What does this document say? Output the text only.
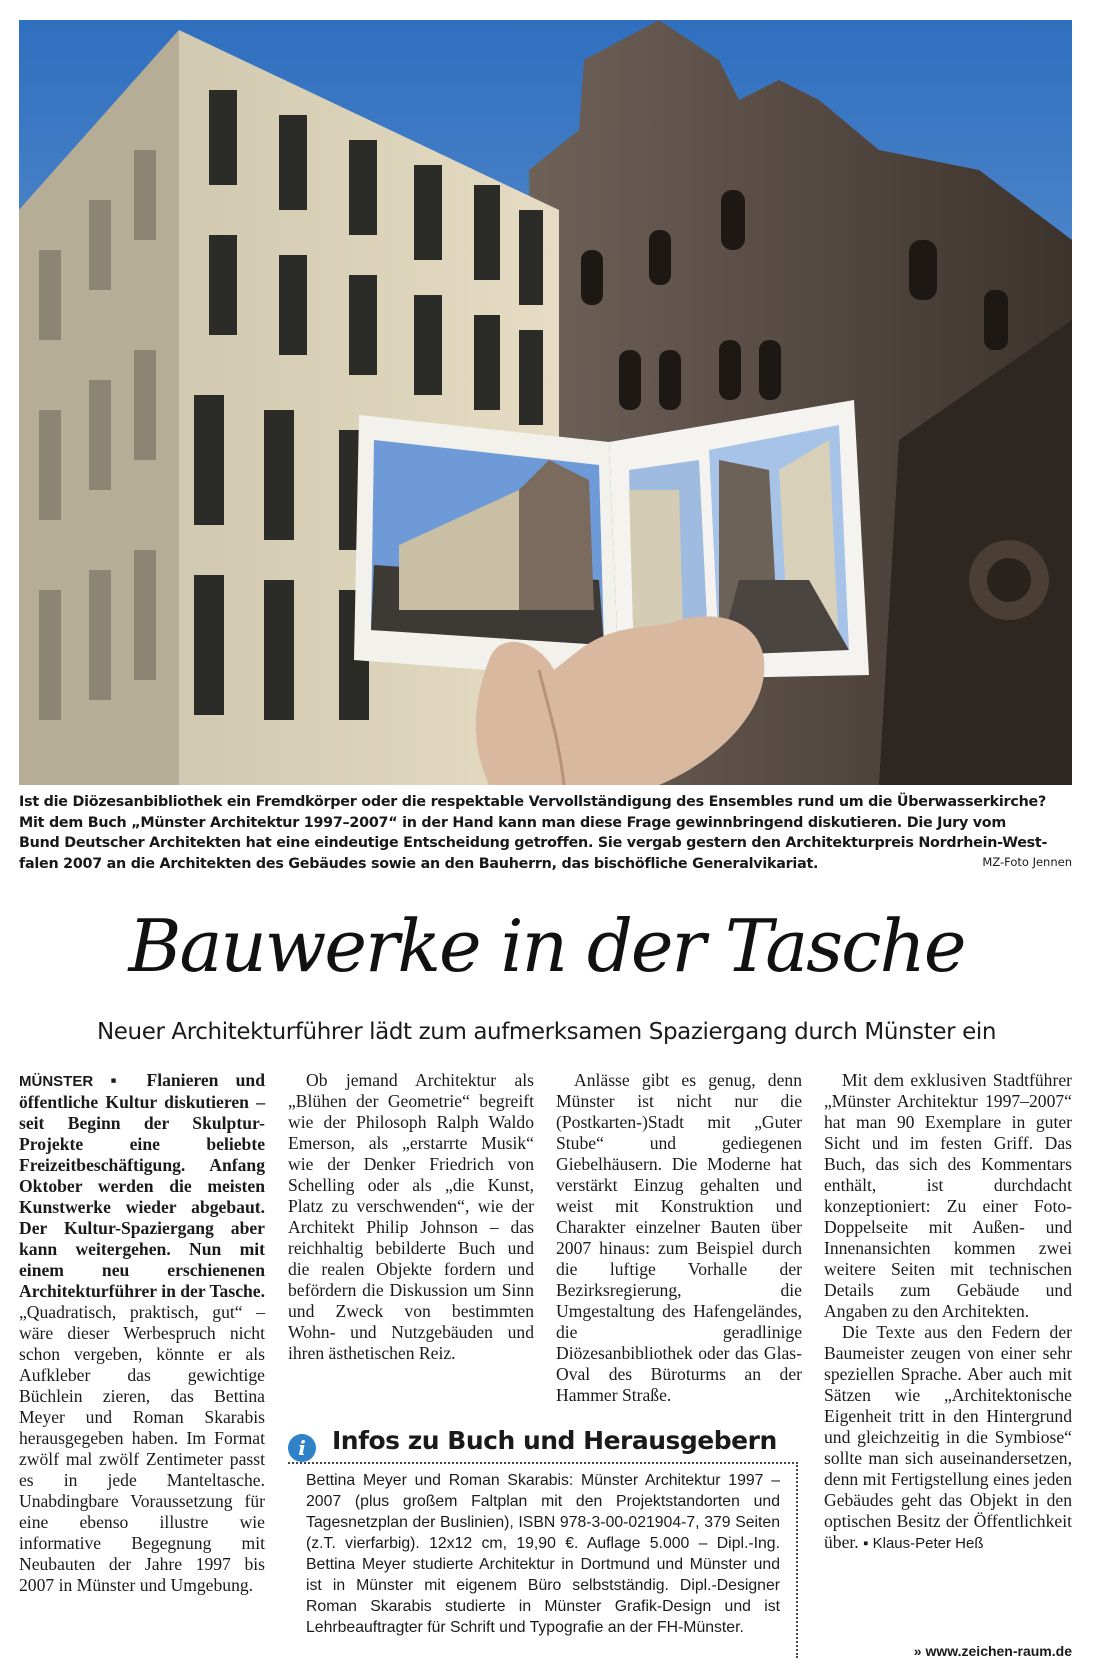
Ist die Diözesanbibliothek ein Fremdkörper oder die respektable Vervollständigung des Ensembles rund um die Überwasserkirche?
Mit dem Buch „Münster Architektur 1997–2007“ in der Hand kann man diese Frage gewinnbringend diskutieren. Die Jury vom
Bund Deutscher Architekten hat eine eindeutige Entscheidung getroffen. Sie vergab gestern den Architekturpreis Nordrhein-West-
falen 2007 an die Architekten des Gebäudes sowie an den Bauherrn, das bischöfliche Generalvikariat.	MZ-Foto Jennen
Bauwerke in der Tasche
Neuer Architekturführer lädt zum aufmerksamen Spaziergang durch Münster ein

MÜNSTER ▪ Flanieren und öffentliche Kultur diskutieren – seit Beginn der Skulptur-Projekte eine beliebte Freizeitbeschäftigung. Anfang Oktober werden die meisten Kunstwerke wieder abgebaut. Der Kultur-Spaziergang aber kann weitergehen. Nun mit einem neu erschienenen Architekturführer in der Tasche.

„Quadratisch, praktisch, gut“ – wäre dieser Werbespruch nicht schon vergeben, könnte er als Aufkleber das gewichtige Büchlein zieren, das Bettina Meyer und Roman Skarabis herausgegeben haben. Im Format zwölf mal zwölf Zentimeter passt es in jede Manteltasche. Unabdingbare Voraussetzung für eine ebenso illustre wie informative Begegnung mit Neubauten der Jahre 1997 bis 2007 in Münster und Umgebung.

Ob jemand Architektur als „Blühen der Geometrie“ begreift wie der Philosoph Ralph Waldo Emerson, als „erstarrte Musik“ wie der Denker Friedrich von Schelling oder als „die Kunst, Platz zu verschwenden“, wie der Architekt Philip Johnson – das reichhaltig bebilderte Buch und die realen Objekte fordern und befördern die Diskussion um Sinn und Zweck von bestimmten Wohn- und Nutzgebäuden und ihren ästhetischen Reiz.

Anlässe gibt es genug, denn Münster ist nicht nur die (Postkarten-)Stadt mit „Guter Stube“ und gediegenen Giebelhäusern. Die Moderne hat verstärkt Einzug gehalten und weist mit Konstruktion und Charakter einzelner Bauten über 2007 hinaus: zum Beispiel durch die luftige Vorhalle der Bezirksregierung, die Umgestaltung des Hafengeländes, die geradlinige Diözesanbibliothek oder das Glas-Oval des Büroturms an der Hammer Straße.

Mit dem exklusiven Stadtführer „Münster Architektur 1997–2007“ hat man 90 Exemplare in guter Sicht und im festen Griff. Das Buch, das sich des Kommentars enthält, ist durchdacht konzeptioniert: Zu einer Foto-Doppelseite mit Außen- und Innenansichten kommen zwei weitere Seiten mit technischen Details zum Gebäude und Angaben zu den Architekten.

Die Texte aus den Federn der Baumeister zeugen von einer sehr speziellen Sprache. Aber auch mit Sätzen wie „Architektonische Eigenheit tritt in den Hintergrund und gleichzeitig in die Symbiose“ sollte man sich auseinandersetzen, denn mit Fertigstellung eines jeden Gebäudes geht das Objekt in den optischen Besitz der Öffentlichkeit über. ▪ Klaus-Peter Heß

» www.zeichen-raum.de
i	Infos zu Buch und Herausgebern
Bettina Meyer und Roman Skarabis: Münster Architektur 1997 –2007 (plus großem Faltplan mit den Projektstandorten und Tagesnetzplan der Buslinien), ISBN 978-3-00-021904-7, 379 Seiten (z.T. vierfarbig). 12x12 cm, 19,90 €. Auflage 5.000 – Dipl.-Ing. Bettina Meyer studierte Architektur in Dortmund und Münster und ist in Münster mit eigenem Büro selbstständig. Dipl.-Designer Roman Skarabis studierte in Münster Grafik-Design und ist Lehrbeauftragter für Schrift und Typografie an der FH-Münster.
